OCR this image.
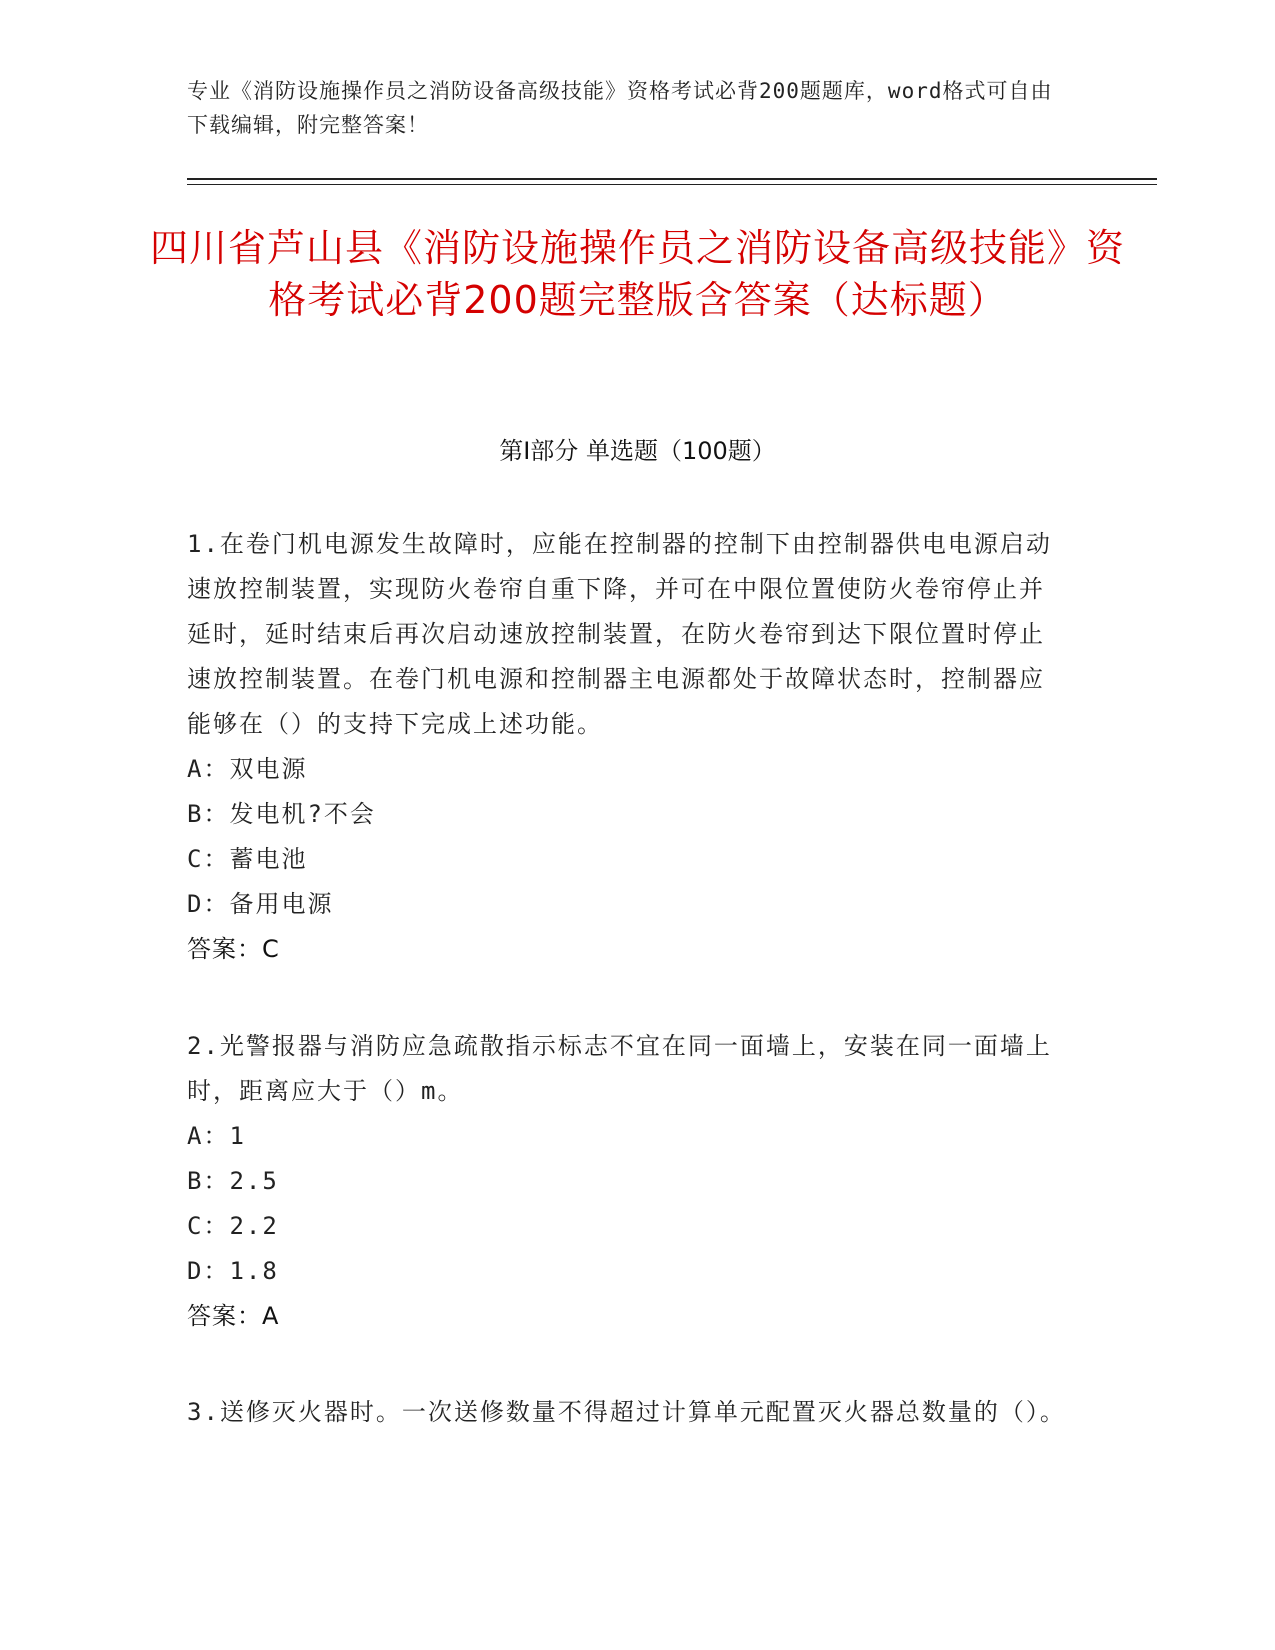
专业《消防设施操作员之消防设备高级技能》资格考试必背200题题库，word格式可自由下载编辑，附完整答案！
四川省芦山县《消防设施操作员之消防设备高级技能》资格考试必背200题完整版含答案（达标题）
第Ⅰ部分 单选题（100题）

1.在卷门机电源发生故障时，应能在控制器的控制下由控制器供电电源启动速放控制装置，实现防火卷帘自重下降，并可在中限位置使防火卷帘停止并延时，延时结束后再次启动速放控制装置，在防火卷帘到达下限位置时停止速放控制装置。在卷门机电源和控制器主电源都处于故障状态时，控制器应能够在（）的支持下完成上述功能。

A：双电源

B：发电机?不会

C：蓄电池

D：备用电源

答案：C

2.光警报器与消防应急疏散指示标志不宜在同一面墙上，安装在同一面墙上时，距离应大于（）m。

A：1

B：2.5

C：2.2

D：1.8

答案：A

3.送修灭火器时。一次送修数量不得超过计算单元配置灭火器总数量的（）。
